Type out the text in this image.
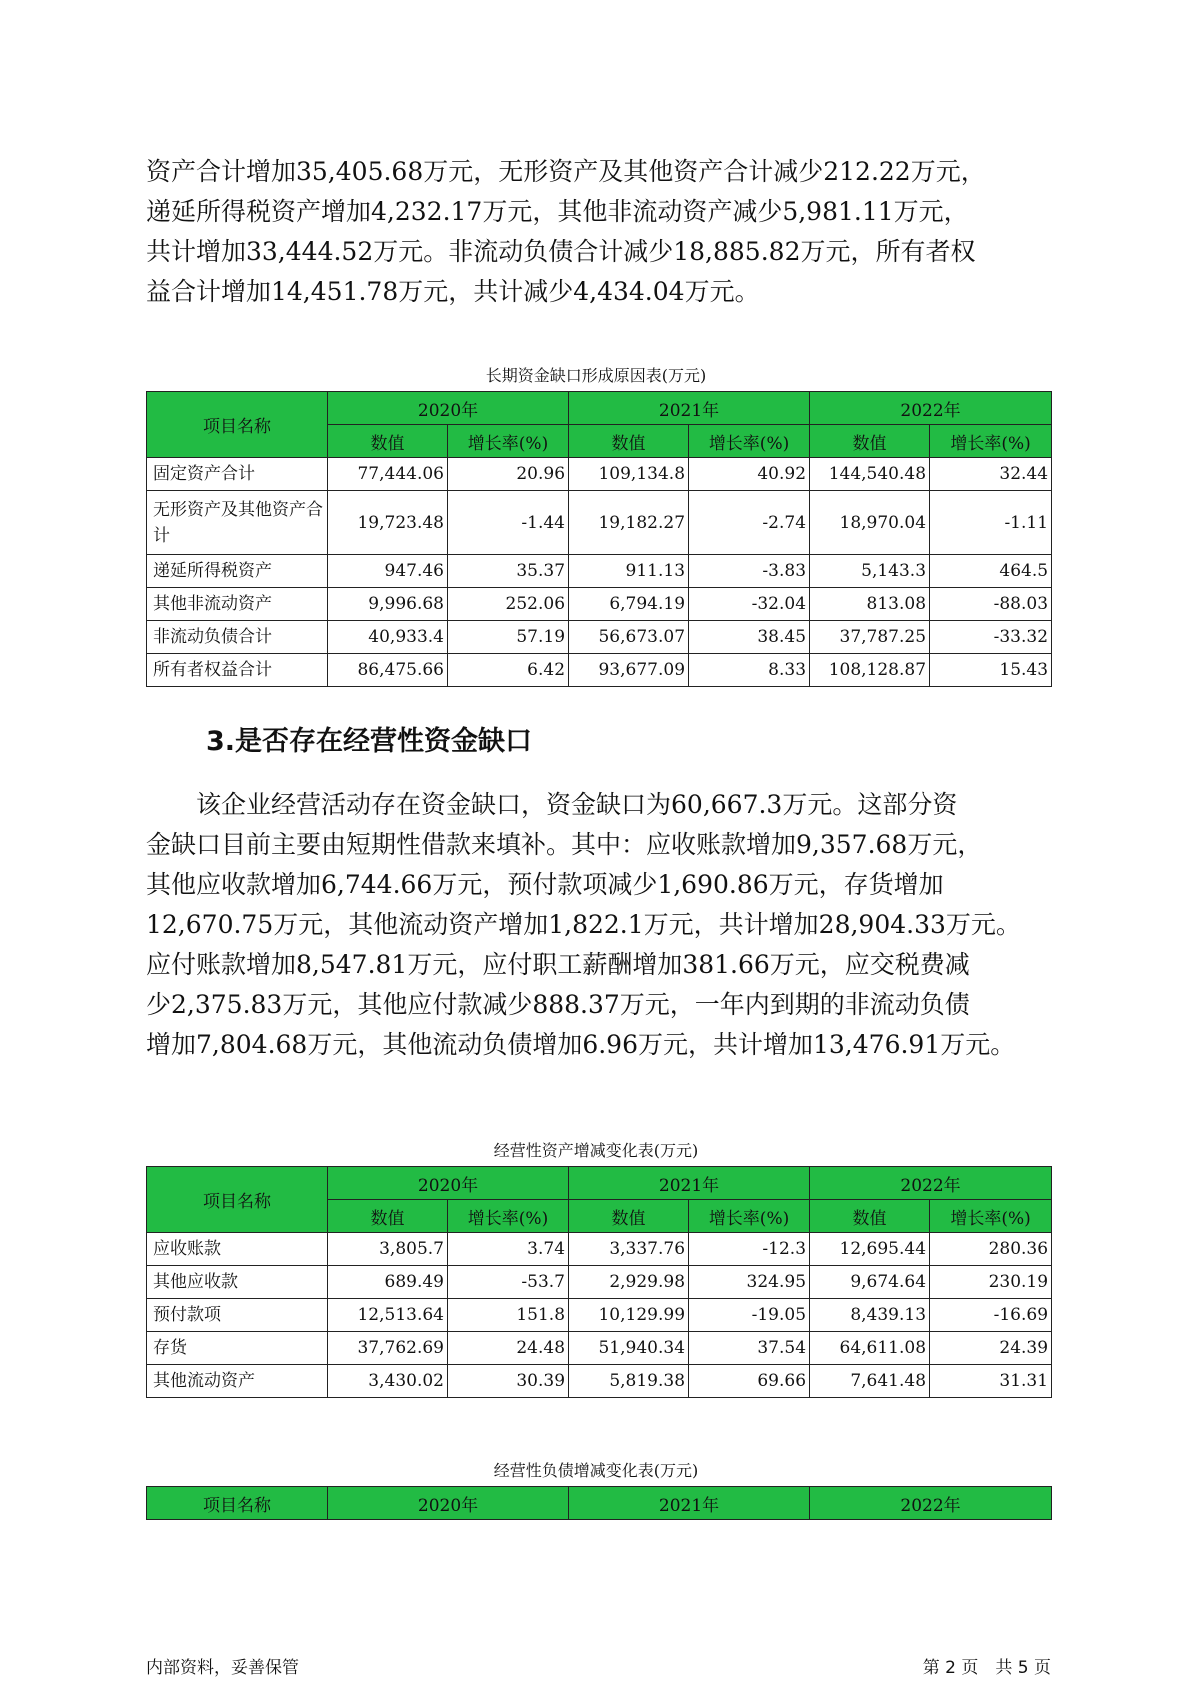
资产合计增加35,405.68万元，无形资产及其他资产合计减少212.22万元，
递延所得税资产增加4,232.17万元，其他非流动资产减少5,981.11万元，
共计增加33,444.52万元。非流动负债合计减少18,885.82万元，所有者权
益合计增加14,451.78万元，共计减少4,434.04万元。

长期资金缺口形成原因表(万元)
项目名称	2020年		2021年		2022年	
	数值	增长率(%)	数值	增长率(%)	数值	增长率(%)
固定资产合计	77,444.06	20.96	109,134.8	40.92	144,540.48	32.44
无形资产及其他资产合计	19,723.48	-1.44	19,182.27	-2.74	18,970.04	-1.11
递延所得税资产	947.46	35.37	911.13	-3.83	5,143.3	464.5
其他非流动资产	9,996.68	252.06	6,794.19	-32.04	813.08	-88.03
非流动负债合计	40,933.4	57.19	56,673.07	38.45	37,787.25	-33.32
所有者权益合计	86,475.66	6.42	93,677.09	8.33	108,128.87	15.43
3.是否存在经营性资金缺口

　　该企业经营活动存在资金缺口，资金缺口为60,667.3万元。这部分资
金缺口目前主要由短期性借款来填补。其中：应收账款增加9,357.68万元，
其他应收款增加6,744.66万元，预付款项减少1,690.86万元，存货增加
12,670.75万元，其他流动资产增加1,822.1万元，共计增加28,904.33万元。
应付账款增加8,547.81万元，应付职工薪酬增加381.66万元，应交税费减
少2,375.83万元，其他应付款减少888.37万元，一年内到期的非流动负债
增加7,804.68万元，其他流动负债增加6.96万元，共计增加13,476.91万元。

经营性资产增减变化表(万元)
项目名称	2020年		2021年		2022年	
	数值	增长率(%)	数值	增长率(%)	数值	增长率(%)
应收账款	3,805.7	3.74	3,337.76	-12.3	12,695.44	280.36
其他应收款	689.49	-53.7	2,929.98	324.95	9,674.64	230.19
预付款项	12,513.64	151.8	10,129.99	-19.05	8,439.13	-16.69
存货	37,762.69	24.48	51,940.34	37.54	64,611.08	24.39
其他流动资产	3,430.02	30.39	5,819.38	69.66	7,641.48	31.31
经营性负债增减变化表(万元)
项目名称	2020年	2021年	2022年
内部资料，妥善保管	第 2 页　共 5 页
